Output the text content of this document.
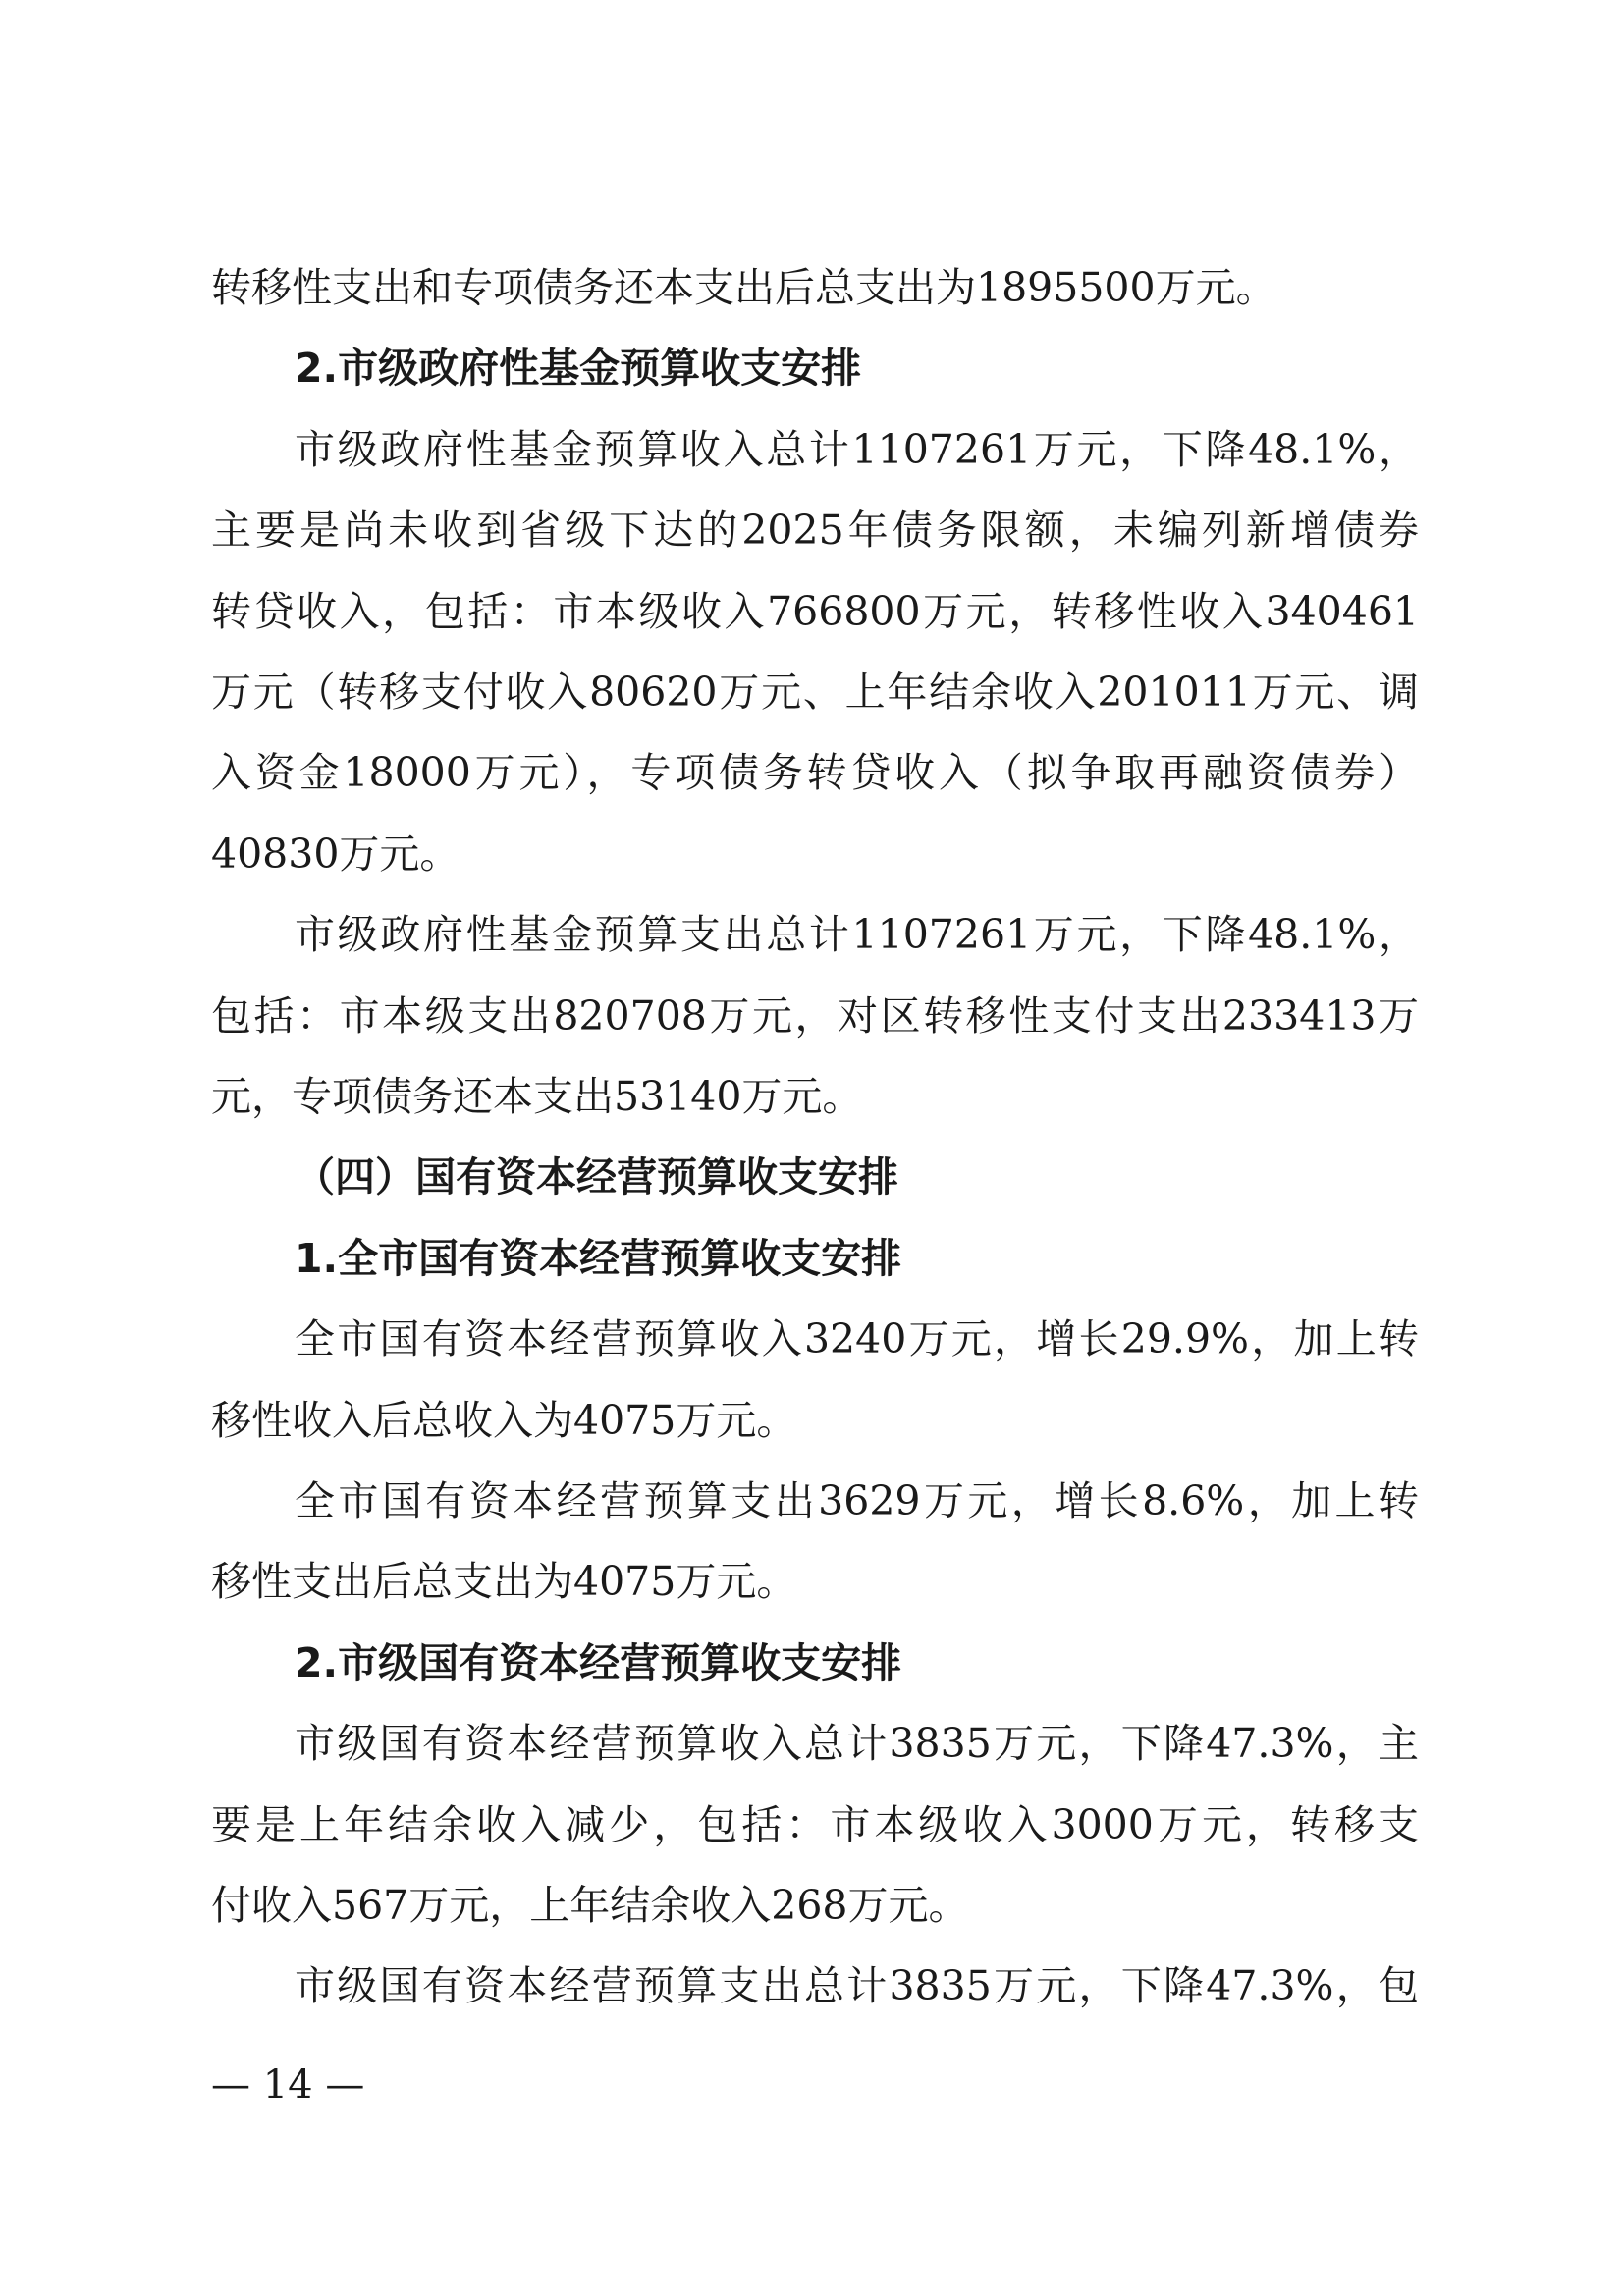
转移性支出和专项债务还本支出后总支出为1895500万元。
2.市级政府性基金预算收支安排
市级政府性基金预算收入总计1107261万元，下降48.1%，
主要是尚未收到省级下达的2025年债务限额，未编列新增债券
转贷收入，包括：市本级收入766800万元，转移性收入340461
万元（转移支付收入80620万元、上年结余收入201011万元、调
入资金18000万元），专项债务转贷收入（拟争取再融资债券）
40830万元。
市级政府性基金预算支出总计1107261万元，下降48.1%，
包括：市本级支出820708万元，对区转移性支付支出233413万
元，专项债务还本支出53140万元。
（四）国有资本经营预算收支安排
1.全市国有资本经营预算收支安排
全市国有资本经营预算收入3240万元，增长29.9%，加上转
移性收入后总收入为4075万元。
全市国有资本经营预算支出3629万元，增长8.6%，加上转
移性支出后总支出为4075万元。
2.市级国有资本经营预算收支安排
市级国有资本经营预算收入总计3835万元，下降47.3%，主
要是上年结余收入减少，包括：市本级收入3000万元，转移支
付收入567万元，上年结余收入268万元。
市级国有资本经营预算支出总计3835万元，下降47.3%，包
— 14 —
